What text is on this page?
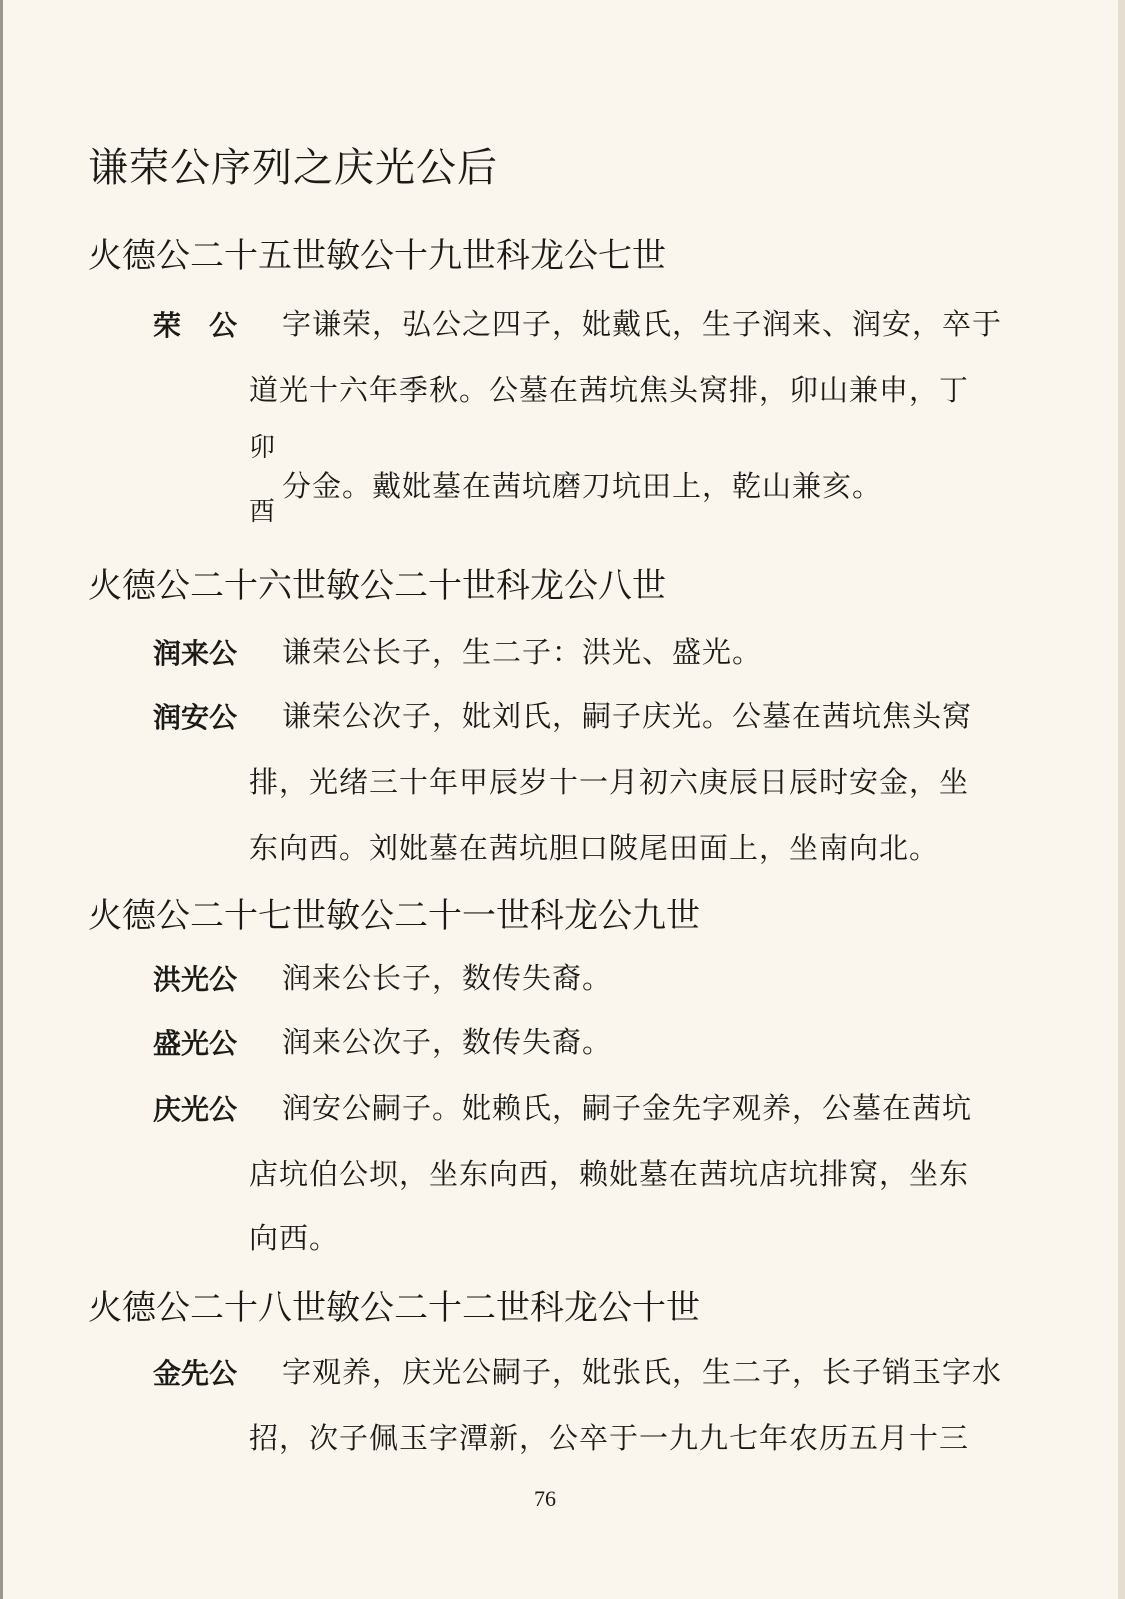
谦荣公序列之庆光公后
火德公二十五世敏公十九世科龙公七世
荣　公 字谦荣，弘公之四子，妣戴氏，生子润来、润安，卒于
道光十六年季秋。公墓在茜坑焦头窝排，卯山兼申，丁
卯
分金。戴妣墓在茜坑磨刀坑田上，乾山兼亥。
酉
火德公二十六世敏公二十世科龙公八世
润来公 谦荣公长子，生二子：洪光、盛光。
润安公 谦荣公次子，妣刘氏，嗣子庆光。公墓在茜坑焦头窝
排，光绪三十年甲辰岁十一月初六庚辰日辰时安金，坐
东向西。刘妣墓在茜坑胆口陂尾田面上，坐南向北。
火德公二十七世敏公二十一世科龙公九世
洪光公 润来公长子，数传失裔。
盛光公 润来公次子，数传失裔。
庆光公 润安公嗣子。妣赖氏，嗣子金先字观养，公墓在茜坑
店坑伯公坝，坐东向西，赖妣墓在茜坑店坑排窝，坐东
向西。
火德公二十八世敏公二十二世科龙公十世
金先公 字观养，庆光公嗣子，妣张氏，生二子，长子销玉字水
招，次子佩玉字潭新，公卒于一九九七年农历五月十三
76
